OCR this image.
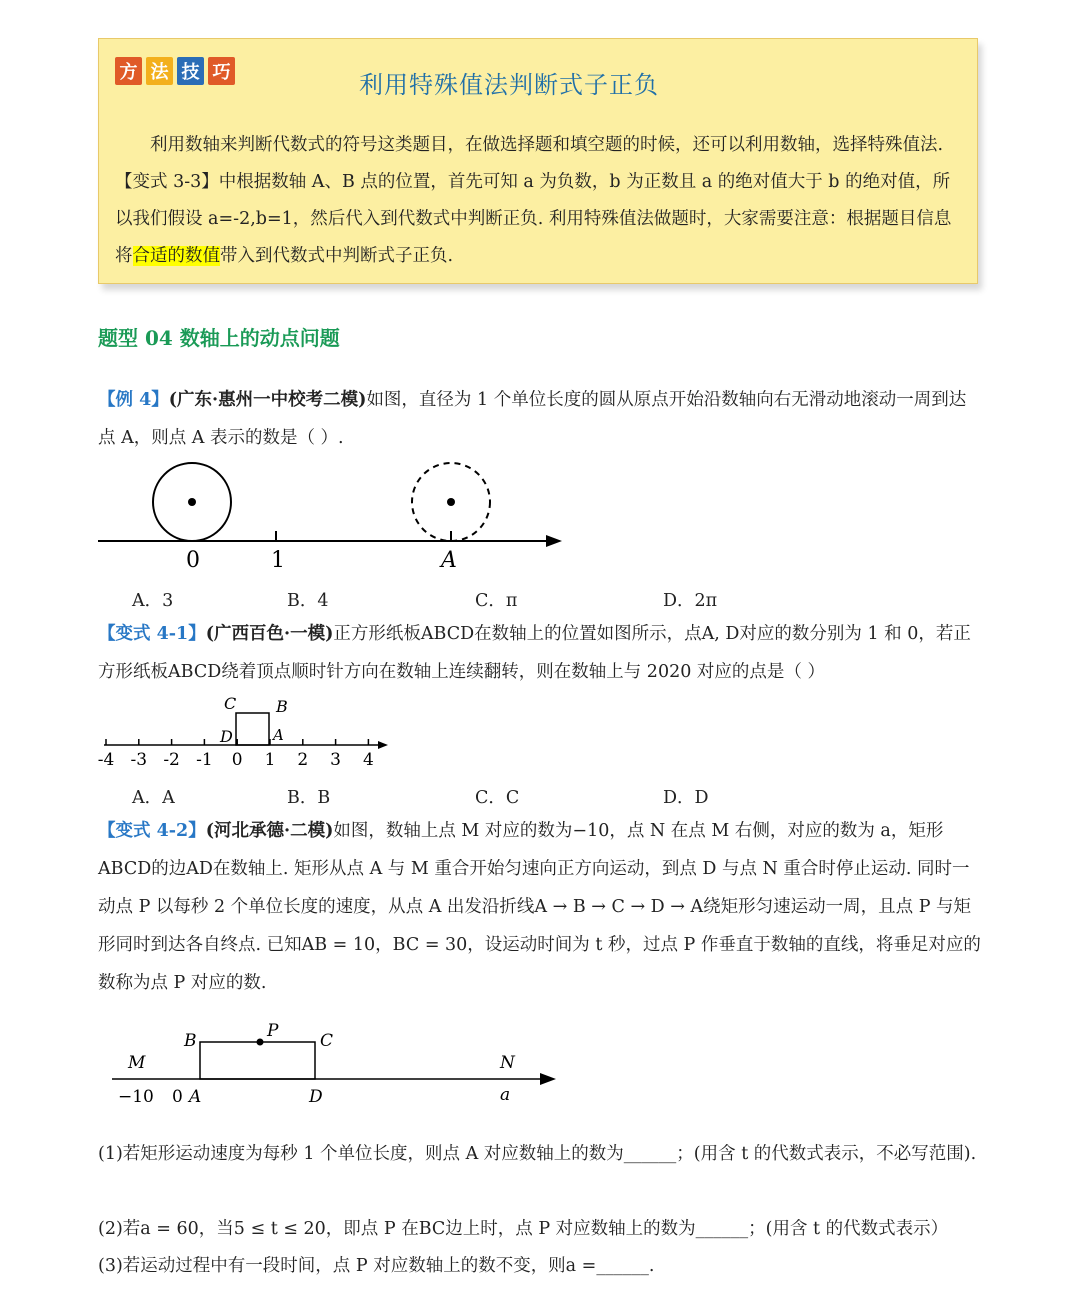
方 法 技 巧	利用特殊值法判断式子正负
利用数轴来判断代数式的符号这类题目，在做选择题和填空题的时候，还可以利用数轴，选择特殊值法.【变式 3-3】中根据数轴 A、B 点的位置，首先可知 a 为负数，b 为正数且 a 的绝对值大于 b 的绝对值，所以我们假设 a=-2,b=1，然后代入到代数式中判断正负. 利用特殊值法做题时，大家需要注意：根据题目信息将合适的数值带入到代数式中判断式子正负.
题型 04 数轴上的动点问题
【例 4】(广东·惠州一中校考二模)如图，直径为 1 个单位长度的圆从原点开始沿数轴向右无滑动地滚动一周到达点 A，则点 A 表示的数是（ ）.
0	1	A
A．3	B．4	C．π	D．2π
【变式 4-1】(广西百色·一模)正方形纸板ABCD在数轴上的位置如图所示，点A, D对应的数分别为 1 和 0，若正方形纸板ABCD绕着顶点顺时针方向在数轴上连续翻转，则在数轴上与 2020 对应的点是（ ）
-4 -3 -2 -1 0 1 2 3 4
C B
D	A
A．A	B．B	C．C	D．D
【变式 4-2】(河北承德·二模)如图，数轴上点 M 对应的数为−10，点 N 在点 M 右侧，对应的数为 a，矩形ABCD的边AD在数轴上. 矩形从点 A 与 M 重合开始匀速向正方向运动，到点 D 与点 N 重合时停止运动. 同时一动点 P 以每秒 2 个单位长度的速度，从点 A 出发沿折线A → B → C → D → A绕矩形匀速运动一周，且点 P 与矩形同时到达各自终点. 已知AB = 10，BC = 30，设运动时间为 t 秒，过点 P 作垂直于数轴的直线，将垂足对应的数称为点 P 对应的数.
M	N
B	P C
−10 0 A	D	a
(1)若矩形运动速度为每秒 1 个单位长度，则点 A 对应数轴上的数为______；(用含 t 的代数式表示，不必写范围).
(2)若a = 60，当5 ≤ t ≤ 20，即点 P 在BC边上时，点 P 对应数轴上的数为______；(用含 t 的代数式表示）
(3)若运动过程中有一段时间，点 P 对应数轴上的数不变，则a =______.
